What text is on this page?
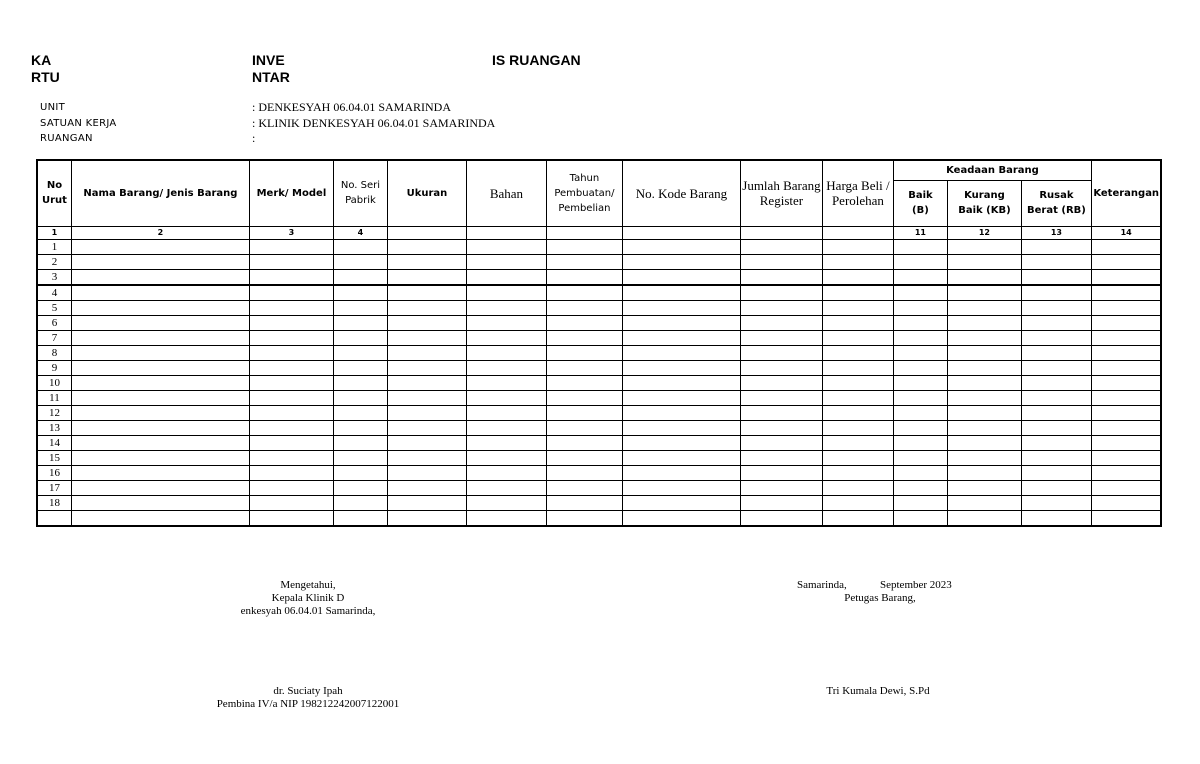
KA
RTU
INVE
NTAR
IS RUANGAN
UNIT	: DENKESYAH 06.04.01 SAMARINDA
SATUAN KERJA	: KLINIK DENKESYAH 06.04.01 SAMARINDA
RUANGAN	:
No Urut	Nama Barang/ Jenis Barang	Merk/ Model	No. Seri Pabrik	Ukuran	Bahan	Tahun Pembuatan/ Pembelian	No. Kode Barang	Jumlah Barang Register	Harga Beli / Perolehan	Keadaan Barang			Keterangan
										Baik (B)	Kurang Baik (KB)	Rusak Berat (RB)	
1	2	3	4							11	12	13	14
1													
2													
3													
4													
5													
6													
7													
8													
9													
10													
11													
12													
13													
14													
15													
16													
17													
18													

Mengetahui,
Kepala Klinik D
enkesyah 06.04.01 Samarinda,
dr. Suciaty Ipah
Pembina IV/a NIP 198212242007122001
Samarinda,	September 2023
Petugas Barang,
Tri Kumala Dewi, S.Pd
